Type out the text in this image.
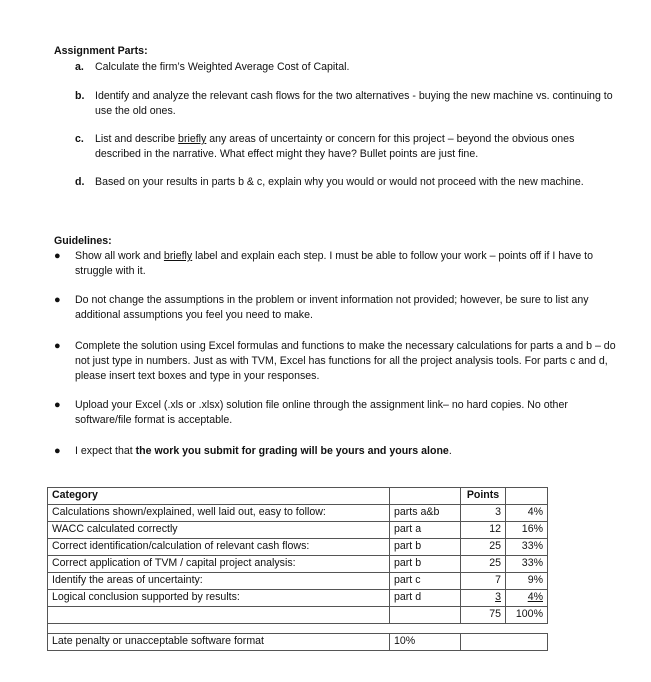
Assignment Parts:
a.	Calculate the firm’s Weighted Average Cost of Capital.
b. Identify and analyze the relevant cash flows for the two alternatives - buying the new machine vs. continuing to use the old ones.
c.	List and describe briefly any areas of uncertainty or concern for this project – beyond the obvious ones described in the narrative. What effect might they have? Bullet points are just fine.
d. Based on your results in parts b & c, explain why you would or would not proceed with the new machine.
Guidelines:
● Show all work and briefly label and explain each step. I must be able to follow your work – points off if I have to struggle with it.
● Do not change the assumptions in the problem or invent information not provided; however, be sure to list any additional assumptions you feel you need to make.
● Complete the solution using Excel formulas and functions to make the necessary calculations for parts a and b – do not just type in numbers. Just as with TVM, Excel has functions for all the project analysis tools. For parts c and d, please insert text boxes and type in your responses.
● Upload your Excel (.xls or .xlsx) solution file online through the assignment link– no hard copies. No other software/file format is acceptable.
● I expect that the work you submit for grading will be yours and yours alone.
Category		Points	
Calculations shown/explained, well laid out, easy to follow:	parts a&b	3	4%
WACC calculated correctly	part a	12	16%
Correct identification/calculation of relevant cash flows:	part b	25	33%
Correct application of TVM / capital project analysis:	part b	25	33%
Identify the areas of uncertainty:	part c	7	9%
Logical conclusion supported by results:	part d	3	4%
		75	100%

Late penalty or unacceptable software format	10%		
